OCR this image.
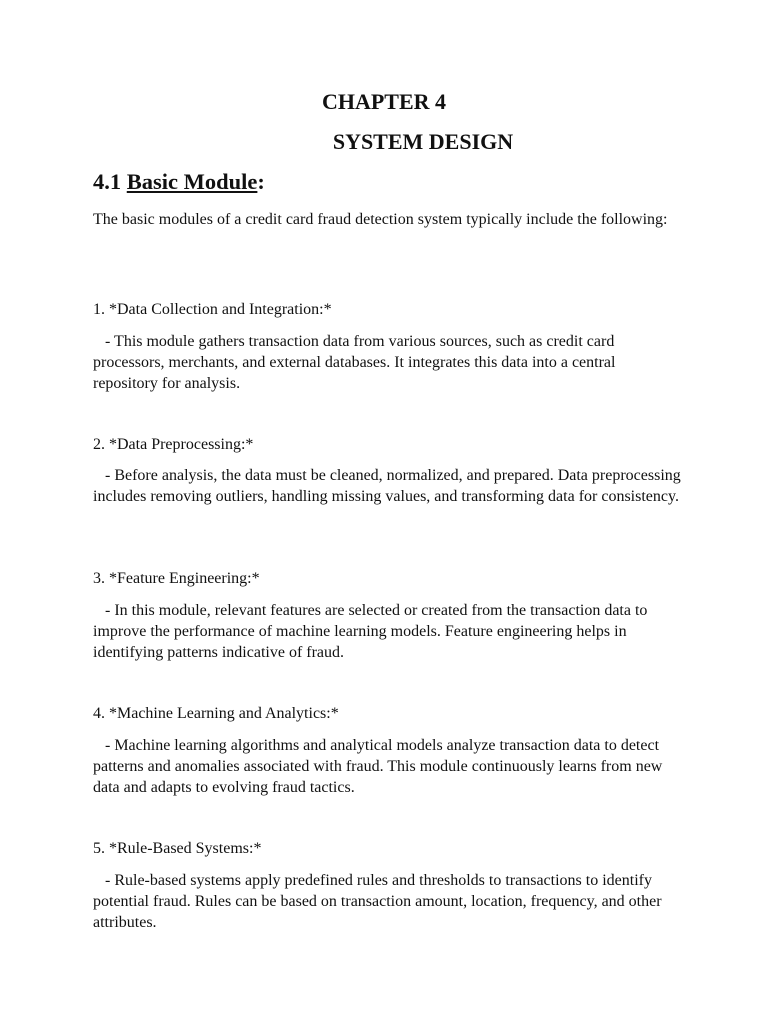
CHAPTER 4
SYSTEM DESIGN
4.1 Basic Module:

The basic modules of a credit card fraud detection system typically include the following:

1. *Data Collection and Integration:*

- This module gathers transaction data from various sources, such as credit card processors, merchants, and external databases. It integrates this data into a central repository for analysis.

2. *Data Preprocessing:*

- Before analysis, the data must be cleaned, normalized, and prepared. Data preprocessing includes removing outliers, handling missing values, and transforming data for consistency.

3. *Feature Engineering:*

- In this module, relevant features are selected or created from the transaction data to improve the performance of machine learning models. Feature engineering helps in identifying patterns indicative of fraud.

4. *Machine Learning and Analytics:*

- Machine learning algorithms and analytical models analyze transaction data to detect patterns and anomalies associated with fraud. This module continuously learns from new data and adapts to evolving fraud tactics.

5. *Rule-Based Systems:*

- Rule-based systems apply predefined rules and thresholds to transactions to identify potential fraud. Rules can be based on transaction amount, location, frequency, and other attributes.
